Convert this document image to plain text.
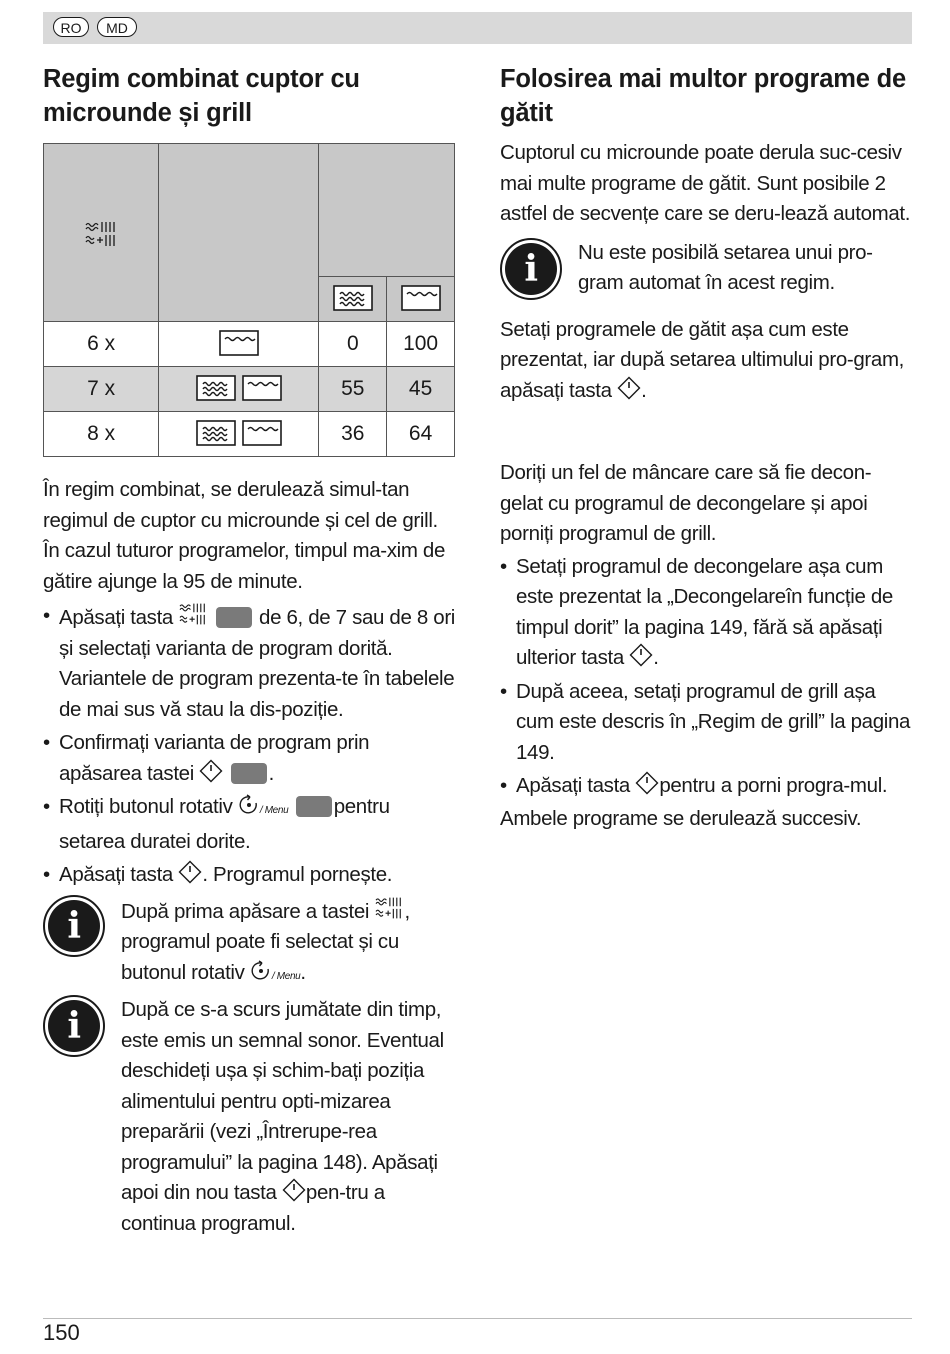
RO	MD
Regim combinat cuptor cu microunde și grill

6 x		0	100
7 x		55	45
8 x		36	64

În regim combinat, se derulează simul-tan regimul de cuptor cu microunde și cel de grill.

În cazul tuturor programelor, timpul ma-xim de gătire ajunge la 95 de minute.

• Apăsați tasta	de 6, de 7 sau de 8 ori și selectați varianta de program dorită. Variantele de program prezenta-te în tabelele de mai sus vă stau la dis-poziție.
• Confirmați varianta de program prin apăsarea tastei	.
• Rotiți butonul rotativ	/ Menu pentru setarea duratei dorite.
• Apăsați tasta . Programul pornește.
i	După prima apăsare a tastei , programul poate fi selectat și cu butonul rotativ	/ Menu.
i	După ce s-a scurs jumătate din timp, este emis un semnal sonor. Eventual deschideți ușa și schim-bați poziția alimentului pentru opti-mizarea preparării (vezi „Întrerupe-rea programului” la pagina 148). Apăsați apoi din nou tasta pen-tru a continua programul.
Folosirea mai multor programe de gătit

Cuptorul cu microunde poate derula suc-cesiv mai multe programe de gătit. Sunt posibile 2 astfel de secvențe care se deru-lează automat.

i	Nu este posibilă setarea unui pro-gram automat în acest regim.

Setați programele de gătit așa cum este prezentat, iar după setarea ultimului pro-gram, apăsați tasta .

Doriți un fel de mâncare care să fie decon-gelat cu programul de decongelare și apoi porniți programul de grill.

• Setați programul de decongelare așa cum este prezentat la „Decongelareîn funcție de timpul dorit” la pagina 149, fără să apăsați ulterior tasta .
• După aceea, setați programul de grill așa cum este descris în „Regim de grill” la pagina 149.
• Apăsați tasta pentru a porni progra-mul.

Ambele programe se derulează succesiv.

150
